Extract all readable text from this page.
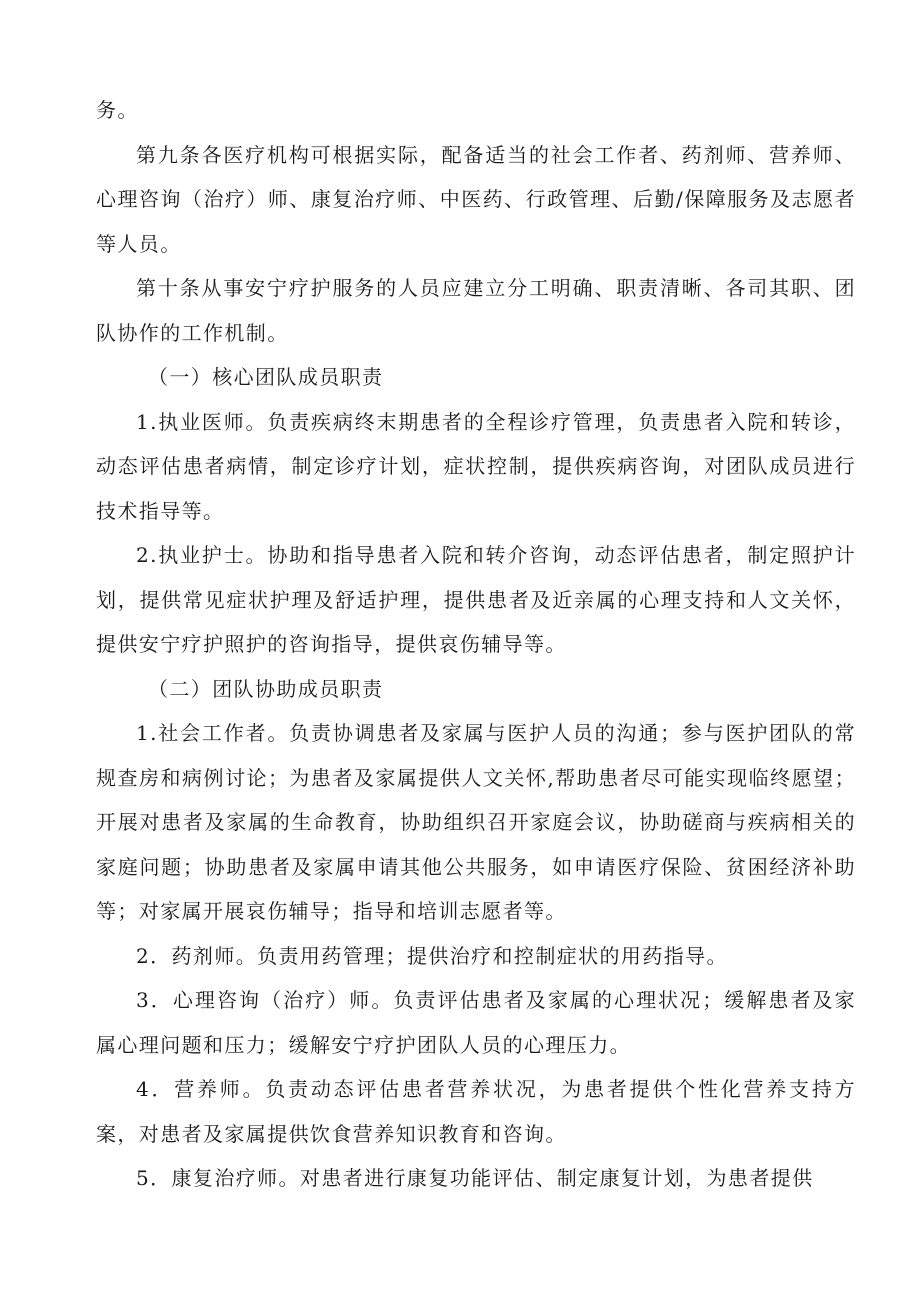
务。

第九条各医疗机构可根据实际，配备适当的社会工作者、药剂师、营养师、心理咨询（治疗）师、康复治疗师、中医药、行政管理、后勤/保障服务及志愿者等人员。

第十条从事安宁疗护服务的人员应建立分工明确、职责清晰、各司其职、团队协作的工作机制。

（一）核心团队成员职责

1.执业医师。负责疾病终末期患者的全程诊疗管理，负责患者入院和转诊，动态评估患者病情，制定诊疗计划，症状控制，提供疾病咨询，对团队成员进行技术指导等。

2.执业护士。协助和指导患者入院和转介咨询，动态评估患者，制定照护计划，提供常见症状护理及舒适护理，提供患者及近亲属的心理支持和人文关怀，提供安宁疗护照护的咨询指导，提供哀伤辅导等。

（二）团队协助成员职责

1.社会工作者。负责协调患者及家属与医护人员的沟通；参与医护团队的常规查房和病例讨论；为患者及家属提供人文关怀,帮助患者尽可能实现临终愿望；开展对患者及家属的生命教育，协助组织召开家庭会议，协助磋商与疾病相关的家庭问题；协助患者及家属申请其他公共服务，如申请医疗保险、贫困经济补助等；对家属开展哀伤辅导；指导和培训志愿者等。

2．药剂师。负责用药管理；提供治疗和控制症状的用药指导。

3．心理咨询（治疗）师。负责评估患者及家属的心理状况；缓解患者及家属心理问题和压力；缓解安宁疗护团队人员的心理压力。

4．营养师。负责动态评估患者营养状况，为患者提供个性化营养支持方案，对患者及家属提供饮食营养知识教育和咨询。

5．康复治疗师。对患者进行康复功能评估、制定康复计划，为患者提供
